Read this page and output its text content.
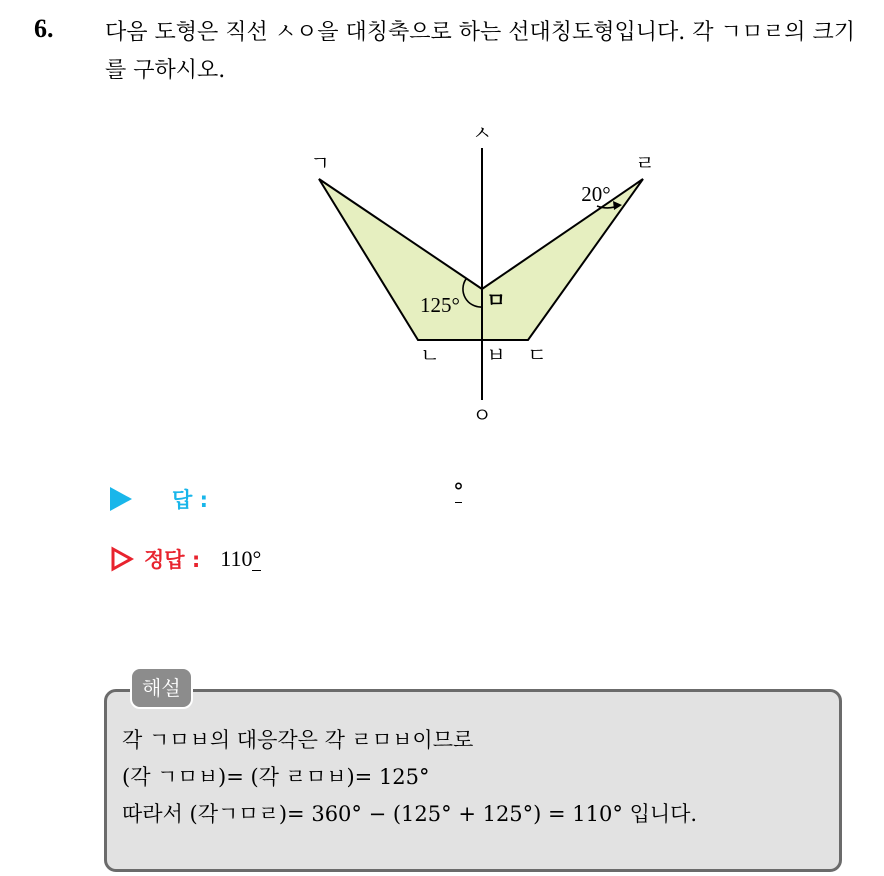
6. 다음 도형은 직선 ㅅㅇ을 대칭축으로 하는 선대칭도형입니다. 각 ㄱㅁㄹ의 크기를 구하시오.
ㅅ
ㄱ	ㄹ
ㅁ
ㄴ ㅂ ㄷ
ㅇ
125°
20°
답 :	°
정답 : 110°
해설
각 ㄱㅁㅂ의 대응각은 각 ㄹㅁㅂ이므로
(각 ㄱㅁㅂ)= (각 ㄹㅁㅂ)= 125°
따라서 (각ㄱㅁㄹ)= 360° − (125° + 125°) = 110° 입니다.
